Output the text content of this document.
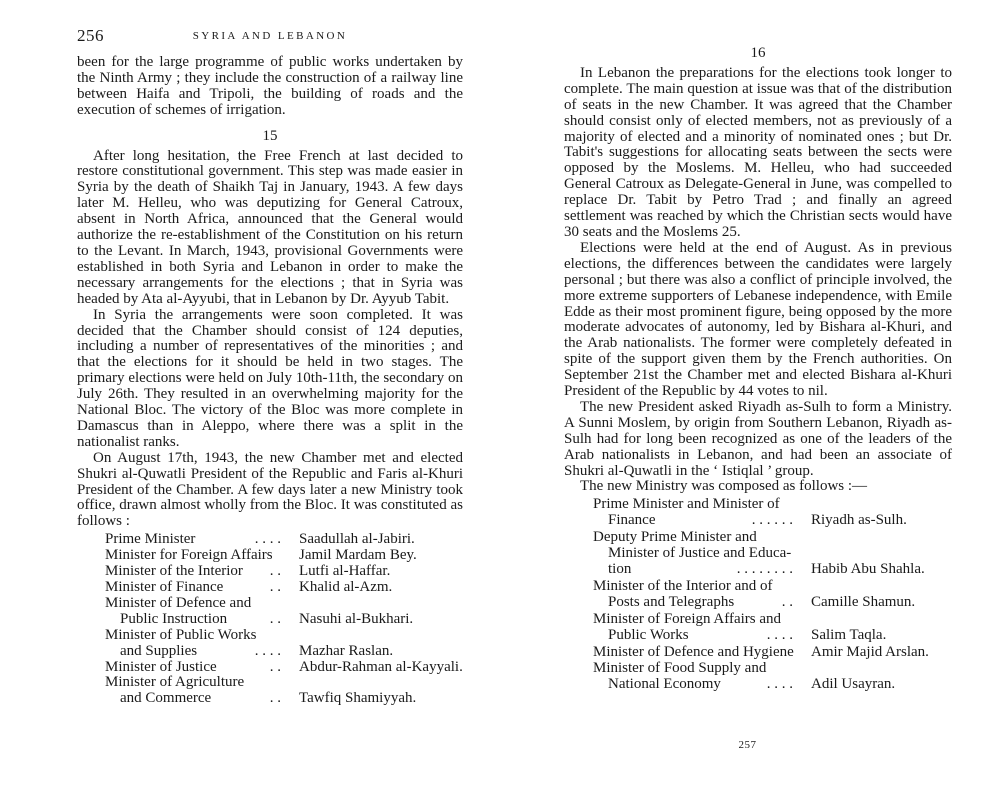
256	SYRIA AND LEBANON

been for the large programme of public works undertaken by the Ninth Army ; they include the construction of a railway line between Haifa and Tripoli, the building of roads and the execution of schemes of irrigation.

15

After long hesitation, the Free French at last decided to restore constitutional government. This step was made easier in Syria by the death of Shaikh Taj in January, 1943. A few days later M. Helleu, who was deputizing for General Catroux, absent in North Africa, announced that the General would authorize the re-establishment of the Constitution on his return to the Levant. In March, 1943, provisional Governments were established in both Syria and Lebanon in order to make the necessary arrangements for the elections ; that in Syria was headed by Ata al-Ayyubi, that in Lebanon by Dr. Ayyub Tabit.

In Syria the arrangements were soon completed. It was decided that the Chamber should consist of 124 deputies, including a number of representatives of the minorities ; and that the elections for it should be held in two stages. The primary elections were held on July 10th-11th, the secondary on July 26th. They resulted in an overwhelming majority for the National Bloc. The victory of the Bloc was more complete in Damascus than in Aleppo, where there was a split in the nationalist ranks.

On August 17th, 1943, the new Chamber met and elected Shukri al-Quwatli President of the Republic and Faris al-Khuri President of the Chamber. A few days later a new Ministry took office, drawn almost wholly from the Bloc. It was constituted as follows :

Prime Minister	. . . .	Saadullah al-Jabiri.
Minister for Foreign Affairs	Jamil Mardam Bey.
Minister of the Interior	. .	Lutfi al-Haffar.
Minister of Finance	. .	Khalid al-Azm.
Minister of Defence and
Public Instruction	. .	Nasuhi al-Bukhari.
Minister of Public Works
and Supplies	. . . .	Mazhar Raslan.
Minister of Justice	. .	Abdur-Rahman al-Kayyali.
Minister of Agriculture
and Commerce	. .	Tawfiq Shamiyyah.
16

In Lebanon the preparations for the elections took longer to complete. The main question at issue was that of the distribution of seats in the new Chamber. It was agreed that the Chamber should consist only of elected members, not as previously of a majority of elected and a minority of nominated ones ; but Dr. Tabit's suggestions for allocating seats between the sects were opposed by the Moslems. M. Helleu, who had succeeded General Catroux as Delegate-General in June, was compelled to replace Dr. Tabit by Petro Trad ; and finally an agreed settlement was reached by which the Christian sects would have 30 seats and the Moslems 25.

Elections were held at the end of August. As in previous elections, the differences between the candidates were largely personal ; but there was also a conflict of principle involved, the more extreme supporters of Lebanese independence, with Emile Edde as their most prominent figure, being opposed by the more moderate advocates of autonomy, led by Bishara al-Khuri, and the Arab nationalists. The former were completely defeated in spite of the support given them by the French authorities. On September 21st the Chamber met and elected Bishara al-Khuri President of the Republic by 44 votes to nil.

The new President asked Riyadh as-Sulh to form a Ministry. A Sunni Moslem, by origin from Southern Lebanon, Riyadh as-Sulh had for long been recognized as one of the leaders of the Arab nationalists in Lebanon, and had been an associate of Shukri al-Quwatli in the ‘ Istiqlal ’ group.

The new Ministry was composed as follows :—

Prime Minister and Minister of
Finance	. . . . . .	Riyadh as-Sulh.
Deputy Prime Minister and
Minister of Justice and Educa-
tion	. . . . . . . .	Habib Abu Shahla.
Minister of the Interior and of
Posts and Telegraphs	. .	Camille Shamun.
Minister of Foreign Affairs and
Public Works	. . . .	Salim Taqla.
Minister of Defence and Hygiene	Amir Majid Arslan.
Minister of Food Supply and
National Economy	. . . .	Adil Usayran.
257
